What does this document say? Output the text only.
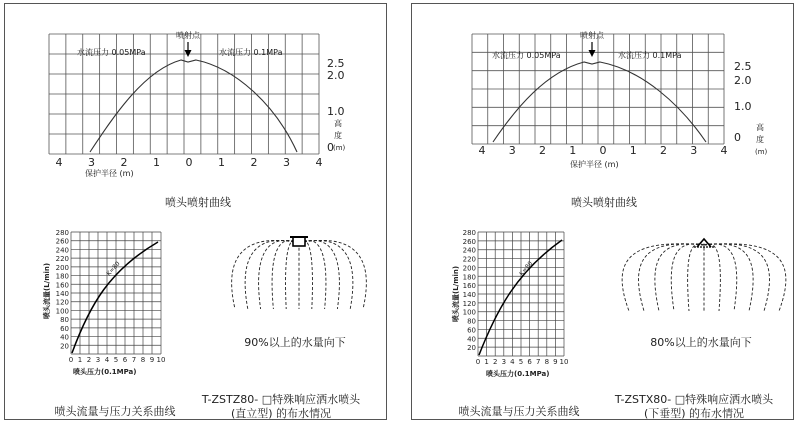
喷射点
水流压力 0.05MPa	水流压力 0.1MPa
4 3 2 1 0 1 2 3 4
2.5
2.0
1.0
0
高
度
(m)
保护半径 (m)
280
260
240
220
200
180
160
140
120
100
80
60
40
20
0 1 2 3 4 5 6 7 8 9 10
喷头流量(L/min)
喷头压力(0.1MPa)
K=80
喷头喷射曲线
90%以上的水量向下
T-ZSTZ80- □特殊响应洒水喷头
(直立型) 的布水情况
喷头流量与压力关系曲线
喷射点
水流压力 0.05MPa	水流压力 0.1MPa
4 3 2 1 0 1 2 3 4
2.5
2.0
1.0
0
高
度
(m)
保护半径 (m)
280
260
240
220
200
180
160
140
120
100
80
60
40
20
0 1 2 3 4 5 6 7 8 9 10
喷头流量(L/min)
喷头压力(0.1MPa)
K=80
喷头喷射曲线
80%以上的水量向下
T-ZSTX80- □特殊响应洒水喷头
(下垂型) 的布水情况
喷头流量与压力关系曲线
